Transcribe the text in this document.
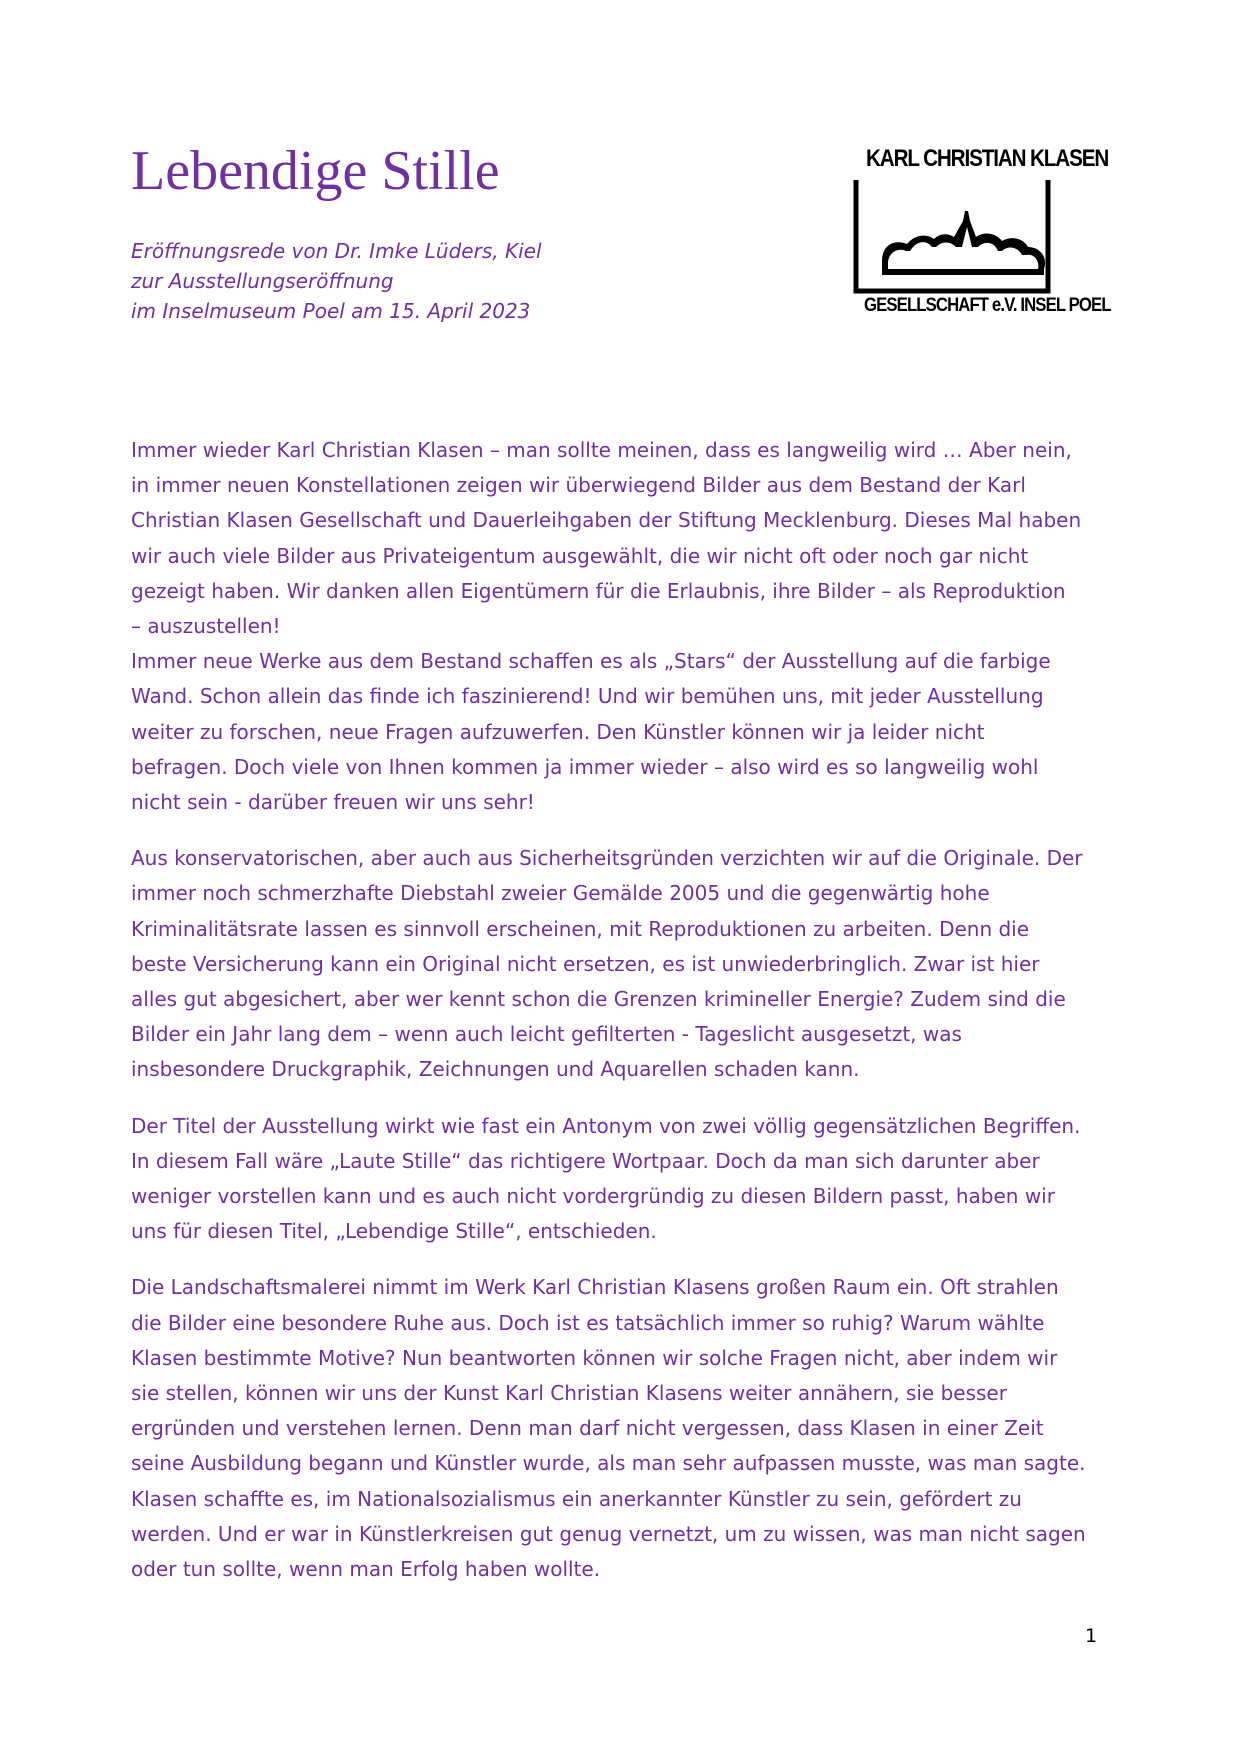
Lebendige Stille
Eröffnungsrede von Dr. Imke Lüders, Kiel
zur Ausstellungseröffnung
im Inselmuseum Poel am 15. April 2023
KARL CHRISTIAN KLASEN
GESELLSCHAFT e.V. INSEL POEL

Immer wieder Karl Christian Klasen – man sollte meinen, dass es langweilig wird … Aber nein,
in immer neuen Konstellationen zeigen wir überwiegend Bilder aus dem Bestand der Karl
Christian Klasen Gesellschaft und Dauerleihgaben der Stiftung Mecklenburg. Dieses Mal haben
wir auch viele Bilder aus Privateigentum ausgewählt, die wir nicht oft oder noch gar nicht
gezeigt haben. Wir danken allen Eigentümern für die Erlaubnis, ihre Bilder – als Reproduktion
– auszustellen!
Immer neue Werke aus dem Bestand schaffen es als „Stars“ der Ausstellung auf die farbige
Wand. Schon allein das finde ich faszinierend! Und wir bemühen uns, mit jeder Ausstellung
weiter zu forschen, neue Fragen aufzuwerfen. Den Künstler können wir ja leider nicht
befragen. Doch viele von Ihnen kommen ja immer wieder – also wird es so langweilig wohl
nicht sein - darüber freuen wir uns sehr!

Aus konservatorischen, aber auch aus Sicherheitsgründen verzichten wir auf die Originale. Der
immer noch schmerzhafte Diebstahl zweier Gemälde 2005 und die gegenwärtig hohe
Kriminalitätsrate lassen es sinnvoll erscheinen, mit Reproduktionen zu arbeiten. Denn die
beste Versicherung kann ein Original nicht ersetzen, es ist unwiederbringlich. Zwar ist hier
alles gut abgesichert, aber wer kennt schon die Grenzen krimineller Energie? Zudem sind die
Bilder ein Jahr lang dem – wenn auch leicht gefilterten - Tageslicht ausgesetzt, was
insbesondere Druckgraphik, Zeichnungen und Aquarellen schaden kann.

Der Titel der Ausstellung wirkt wie fast ein Antonym von zwei völlig gegensätzlichen Begriffen.
In diesem Fall wäre „Laute Stille“ das richtigere Wortpaar. Doch da man sich darunter aber
weniger vorstellen kann und es auch nicht vordergründig zu diesen Bildern passt, haben wir
uns für diesen Titel, „Lebendige Stille“, entschieden.

Die Landschaftsmalerei nimmt im Werk Karl Christian Klasens großen Raum ein. Oft strahlen
die Bilder eine besondere Ruhe aus. Doch ist es tatsächlich immer so ruhig? Warum wählte
Klasen bestimmte Motive? Nun beantworten können wir solche Fragen nicht, aber indem wir
sie stellen, können wir uns der Kunst Karl Christian Klasens weiter annähern, sie besser
ergründen und verstehen lernen. Denn man darf nicht vergessen, dass Klasen in einer Zeit
seine Ausbildung begann und Künstler wurde, als man sehr aufpassen musste, was man sagte.
Klasen schaffte es, im Nationalsozialismus ein anerkannter Künstler zu sein, gefördert zu
werden. Und er war in Künstlerkreisen gut genug vernetzt, um zu wissen, was man nicht sagen
oder tun sollte, wenn man Erfolg haben wollte.

1
